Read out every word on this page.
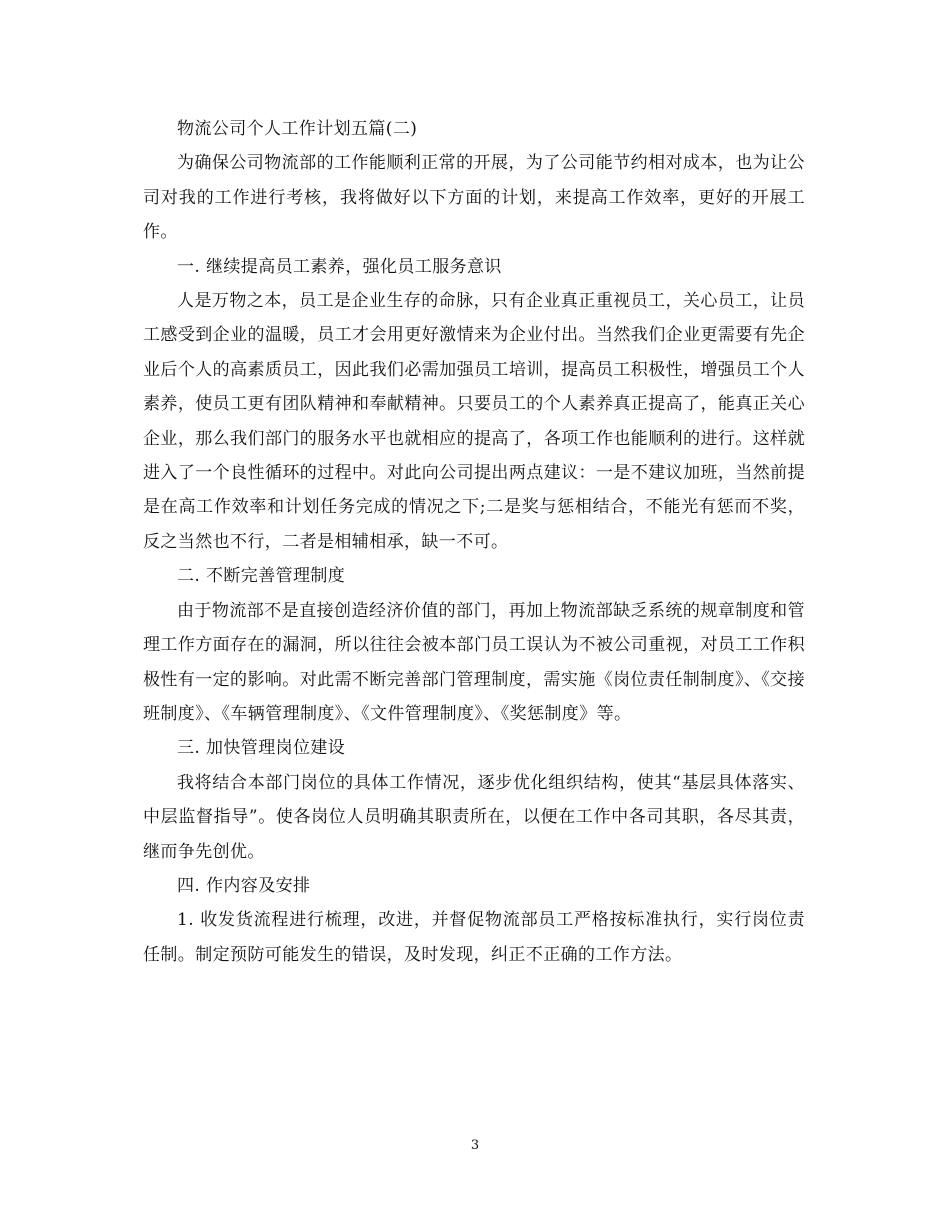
物流公司个人工作计划五篇(二)

为确保公司物流部的工作能顺利正常的开展，为了公司能节约相对成本，也为让公司对我的工作进行考核，我将做好以下方面的计划，来提高工作效率，更好的开展工作。

一. 继续提高员工素养，强化员工服务意识

人是万物之本，员工是企业生存的命脉，只有企业真正重视员工，关心员工，让员工感受到企业的温暖，员工才会用更好激情来为企业付出。当然我们企业更需要有先企业后个人的高素质员工，因此我们必需加强员工培训，提高员工积极性，增强员工个人素养，使员工更有团队精神和奉献精神。只要员工的个人素养真正提高了，能真正关心企业，那么我们部门的服务水平也就相应的提高了，各项工作也能顺利的进行。这样就进入了一个良性循环的过程中。对此向公司提出两点建议：一是不建议加班，当然前提是在高工作效率和计划任务完成的情况之下;二是奖与惩相结合，不能光有惩而不奖，反之当然也不行，二者是相辅相承，缺一不可。

二. 不断完善管理制度

由于物流部不是直接创造经济价值的部门，再加上物流部缺乏系统的规章制度和管理工作方面存在的漏洞，所以往往会被本部门员工误认为不被公司重视，对员工工作积极性有一定的影响。对此需不断完善部门管理制度，需实施《岗位责任制制度》、《交接班制度》、《车辆管理制度》、《文件管理制度》、《奖惩制度》等。

三. 加快管理岗位建设

我将结合本部门岗位的具体工作情况，逐步优化组织结构，使其“基层具体落实、中层监督指导”。使各岗位人员明确其职责所在，以便在工作中各司其职，各尽其责，继而争先创优。

四. 作内容及安排

1. 收发货流程进行梳理，改进，并督促物流部员工严格按标准执行，实行岗位责任制。制定预防可能发生的错误，及时发现，纠正不正确的工作方法。

3
